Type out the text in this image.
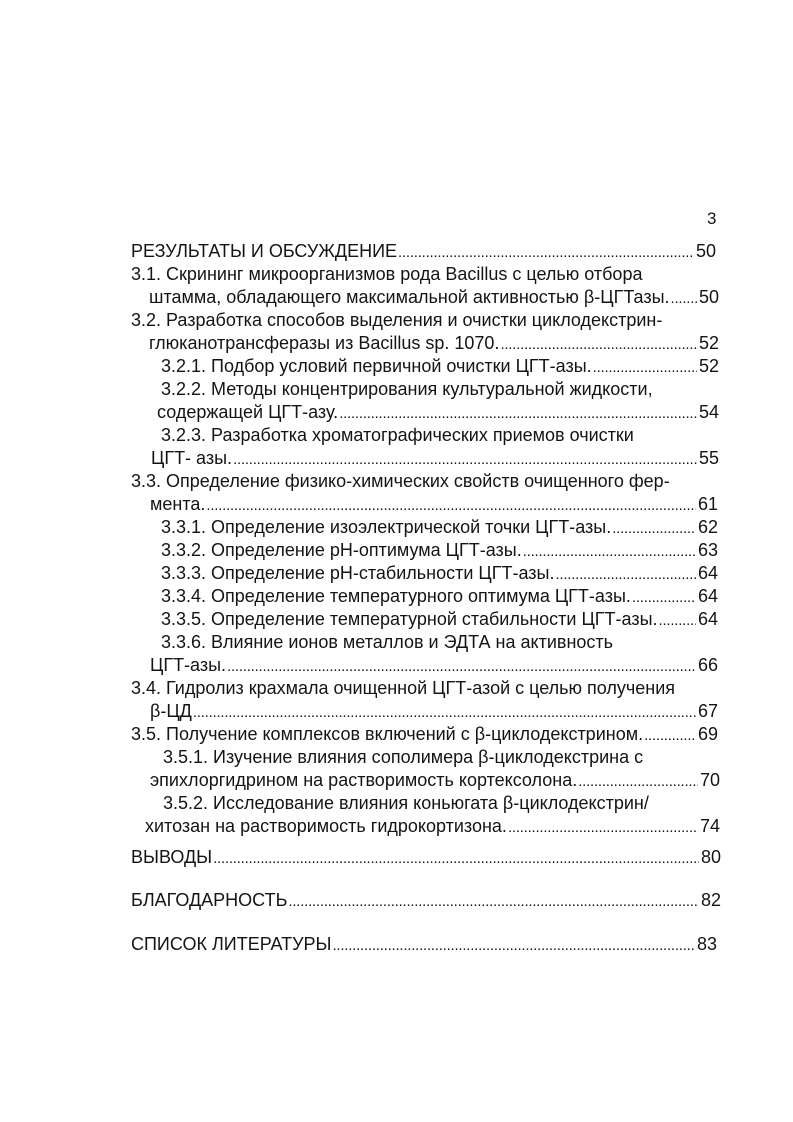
3
РЕЗУЛЬТАТЫ И ОБСУЖДЕНИЕ . . .	50
3.1. Скрининг микроорганизмов рода Bacillus с целью отбора
штамма, обладающего максимальной активностью β-ЦГТазы. . . . 50
3.2. Разработка способов выделения и очистки циклодекстрин-
глюканотрансферазы из Bacillus sp. 1070. . . .	52
3.2.1. Подбор условий первичной очистки ЦГТ-азы. . . .	52
3.2.2. Методы концентрирования культуральной жидкости,
содержащей ЦГТ-азу. . . .	54
3.2.3. Разработка хроматографических приемов очистки
ЦГТ- азы. . . .	55
3.3. Определение физико-химических свойств очищенного фер-
мента. . . .	61
3.3.1. Определение изоэлектрической точки ЦГТ-азы. . . .	62
3.3.2. Определение рН-оптимума ЦГТ-азы. . . .	63
3.3.3. Определение рН-стабильности ЦГТ-азы. . . .	64
3.3.4. Определение температурного оптимума ЦГТ-азы. . . .	64
3.3.5. Определение температурной стабильности ЦГТ-азы. . . . 64
3.3.6. Влияние ионов металлов и ЭДТА на активность
ЦГТ-азы. . . .	66
3.4. Гидролиз крахмала очищенной ЦГТ-азой с целью получения
β-ЦД . . .	67
3.5. Получение комплексов включений с β-циклодекстрином. . . .	69
3.5.1. Изучение влияния сополимера β-циклодекстрина с
эпихлоргидрином на растворимость кортексолона. . . .	70
3.5.2. Исследование влияния коньюгата β-циклодекстрин/
хитозан на растворимость гидрокортизона. . . .	74
ВЫВОДЫ . . .	80
БЛАГОДАРНОСТЬ . . .	82
СПИСОК ЛИТЕРАТУРЫ . . .	83
